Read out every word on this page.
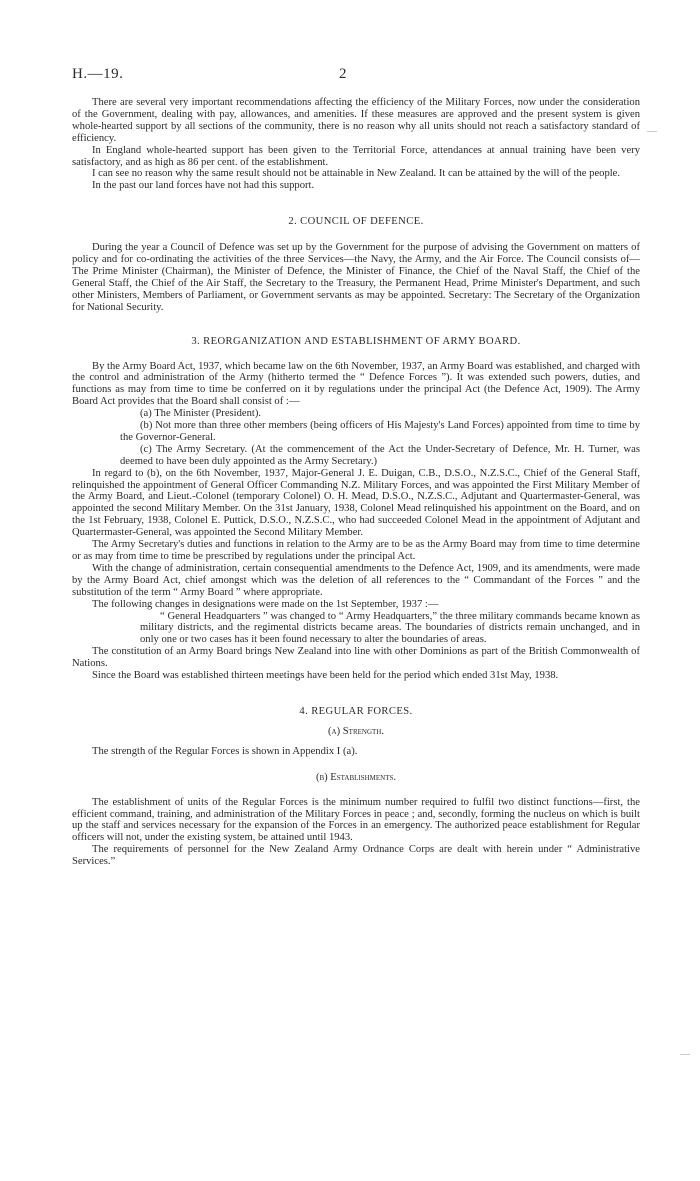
—
—
H.—19.	2

There are several very important recommendations affecting the efficiency of the Military Forces, now under the consideration of the Government, dealing with pay, allowances, and amenities. If these measures are approved and the present system is given whole-hearted support by all sections of the community, there is no reason why all units should not reach a satisfactory standard of efficiency.

In England whole-hearted support has been given to the Territorial Force, attendances at annual training have been very satisfactory, and as high as 86 per cent. of the establishment.

I can see no reason why the same result should not be attainable in New Zealand. It can be attained by the will of the people.

In the past our land forces have not had this support.

2. COUNCIL OF DEFENCE.

During the year a Council of Defence was set up by the Government for the purpose of advising the Government on matters of policy and for co-ordinating the activities of the three Services—the Navy, the Army, and the Air Force. The Council consists of—The Prime Minister (Chairman), the Minister of Defence, the Minister of Finance, the Chief of the Naval Staff, the Chief of the General Staff, the Chief of the Air Staff, the Secretary to the Treasury, the Permanent Head, Prime Minister's Department, and such other Ministers, Members of Parliament, or Government servants as may be appointed. Secretary: The Secretary of the Organization for National Security.

3. REORGANIZATION AND ESTABLISHMENT OF ARMY BOARD.

By the Army Board Act, 1937, which became law on the 6th November, 1937, an Army Board was established, and charged with the control and administration of the Army (hitherto termed the “ Defence Forces ”). It was extended such powers, duties, and functions as may from time to time be conferred on it by regulations under the principal Act (the Defence Act, 1909). The Army Board Act provides that the Board shall consist of :—

(a) The Minister (President).

(b) Not more than three other members (being officers of His Majesty's Land Forces) appointed from time to time by the Governor-General.

(c) The Army Secretary. (At the commencement of the Act the Under-Secretary of Defence, Mr. H. Turner, was deemed to have been duly appointed as the Army Secretary.)

In regard to (b), on the 6th November, 1937, Major-General J. E. Duigan, C.B., D.S.O., N.Z.S.C., Chief of the General Staff, relinquished the appointment of General Officer Commanding N.Z. Military Forces, and was appointed the First Military Member of the Army Board, and Lieut.-Colonel (temporary Colonel) O. H. Mead, D.S.O., N.Z.S.C., Adjutant and Quartermaster-General, was appointed the second Military Member. On the 31st January, 1938, Colonel Mead relinquished his appointment on the Board, and on the 1st February, 1938, Colonel E. Puttick, D.S.O., N.Z.S.C., who had succeeded Colonel Mead in the appointment of Adjutant and Quartermaster-General, was appointed the Second Military Member.

The Army Secretary's duties and functions in relation to the Army are to be as the Army Board may from time to time determine or as may from time to time be prescribed by regulations under the principal Act.

With the change of administration, certain consequential amendments to the Defence Act, 1909, and its amendments, were made by the Army Board Act, chief amongst which was the deletion of all references to the “ Commandant of the Forces ” and the substitution of the term “ Army Board ” where appropriate.

The following changes in designations were made on the 1st September, 1937 :—

“ General Headquarters ” was changed to “ Army Headquarters,” the three military commands became known as military districts, and the regimental districts became areas. The boundaries of districts remain unchanged, and in only one or two cases has it been found necessary to alter the boundaries of areas.

The constitution of an Army Board brings New Zealand into line with other Dominions as part of the British Commonwealth of Nations.

Since the Board was established thirteen meetings have been held for the period which ended 31st May, 1938.

4. REGULAR FORCES.
(a) Strength.

The strength of the Regular Forces is shown in Appendix I (a).

(b) Establishments.

The establishment of units of the Regular Forces is the minimum number required to fulfil two distinct functions—first, the efficient command, training, and administration of the Military Forces in peace ; and, secondly, forming the nucleus on which is built up the staff and services necessary for the expansion of the Forces in an emergency. The authorized peace establishment for Regular officers will not, under the existing system, be attained until 1943.

The requirements of personnel for the New Zealand Army Ordnance Corps are dealt with herein under “ Administrative Services.”
